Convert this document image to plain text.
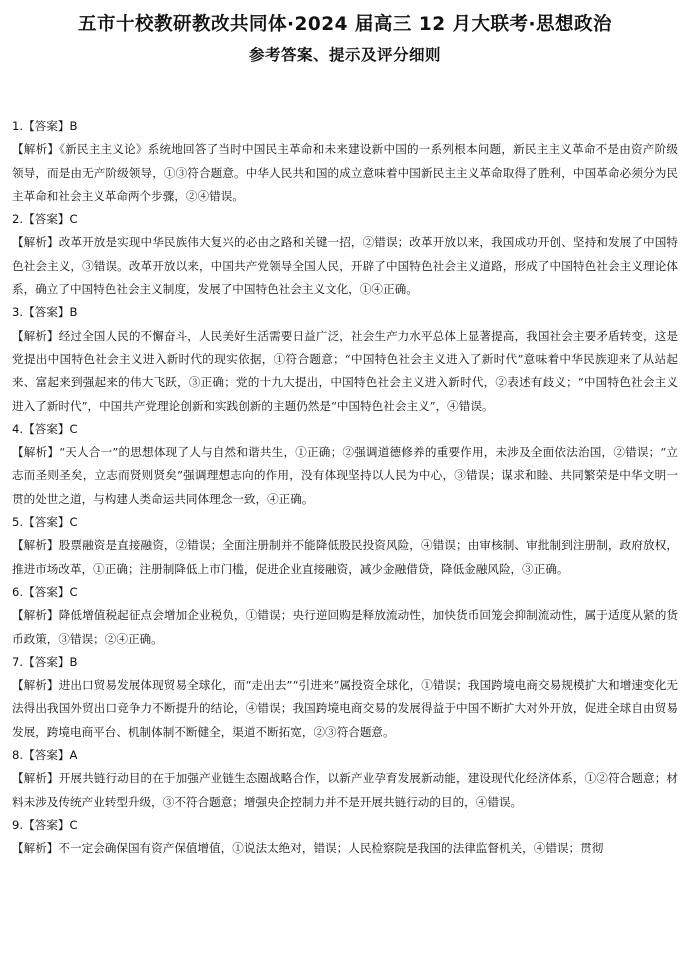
五市十校教研教改共同体·2024 届高三 12 月大联考·思想政治
参考答案、提示及评分细则
1.【答案】B
【解析】《新民主主义论》系统地回答了当时中国民主革命和未来建设新中国的一系列根本问题，新民主主义革命不是由资产阶级领导，而是由无产阶级领导，①③符合题意。中华人民共和国的成立意味着中国新民主主义革命取得了胜利，中国革命必须分为民主革命和社会主义革命两个步骤，②④错误。
2.【答案】C
【解析】改革开放是实现中华民族伟大复兴的必由之路和关键一招，②错误；改革开放以来，我国成功开创、坚持和发展了中国特色社会主义，③错误。改革开放以来，中国共产党领导全国人民，开辟了中国特色社会主义道路，形成了中国特色社会主义理论体系，确立了中国特色社会主义制度，发展了中国特色社会主义文化，①④正确。
3.【答案】B
【解析】经过全国人民的不懈奋斗，人民美好生活需要日益广泛，社会生产力水平总体上显著提高，我国社会主要矛盾转变，这是党提出中国特色社会主义进入新时代的现实依据，①符合题意；“中国特色社会主义进入了新时代”意味着中华民族迎来了从站起来、富起来到强起来的伟大飞跃，③正确；党的十九大提出，中国特色社会主义进入新时代，②表述有歧义；“中国特色社会主义进入了新时代”，中国共产党理论创新和实践创新的主题仍然是“中国特色社会主义”，④错误。
4.【答案】C
【解析】“天人合一”的思想体现了人与自然和谐共生，①正确；②强调道德修养的重要作用，未涉及全面依法治国，②错误；“立志而圣则圣矣，立志而贤则贤矣”强调理想志向的作用，没有体现坚持以人民为中心，③错误；谋求和睦、共同繁荣是中华文明一贯的处世之道，与构建人类命运共同体理念一致，④正确。
5.【答案】C
【解析】股票融资是直接融资，②错误；全面注册制并不能降低股民投资风险，④错误；由审核制、审批制到注册制，政府放权，推进市场改革，①正确；注册制降低上市门槛，促进企业直接融资，减少金融借贷，降低金融风险，③正确。
6.【答案】C
【解析】降低增值税起征点会增加企业税负，①错误；央行逆回购是释放流动性，加快货币回笼会抑制流动性，属于适度从紧的货币政策，③错误；②④正确。
7.【答案】B
【解析】进出口贸易发展体现贸易全球化，而“走出去”“引进来”属投资全球化，①错误；我国跨境电商交易规模扩大和增速变化无法得出我国外贸出口竞争力不断提升的结论，④错误；我国跨境电商交易的发展得益于中国不断扩大对外开放，促进全球自由贸易发展，跨境电商平台、机制体制不断健全，渠道不断拓宽，②③符合题意。
8.【答案】A
【解析】开展共链行动目的在于加强产业链生态圈战略合作，以新产业孕育发展新动能，建设现代化经济体系，①②符合题意；材料未涉及传统产业转型升级，③不符合题意；增强央企控制力并不是开展共链行动的目的，④错误。
9.【答案】C
【解析】不一定会确保国有资产保值增值，①说法太绝对，错误；人民检察院是我国的法律监督机关，④错误；贯彻
